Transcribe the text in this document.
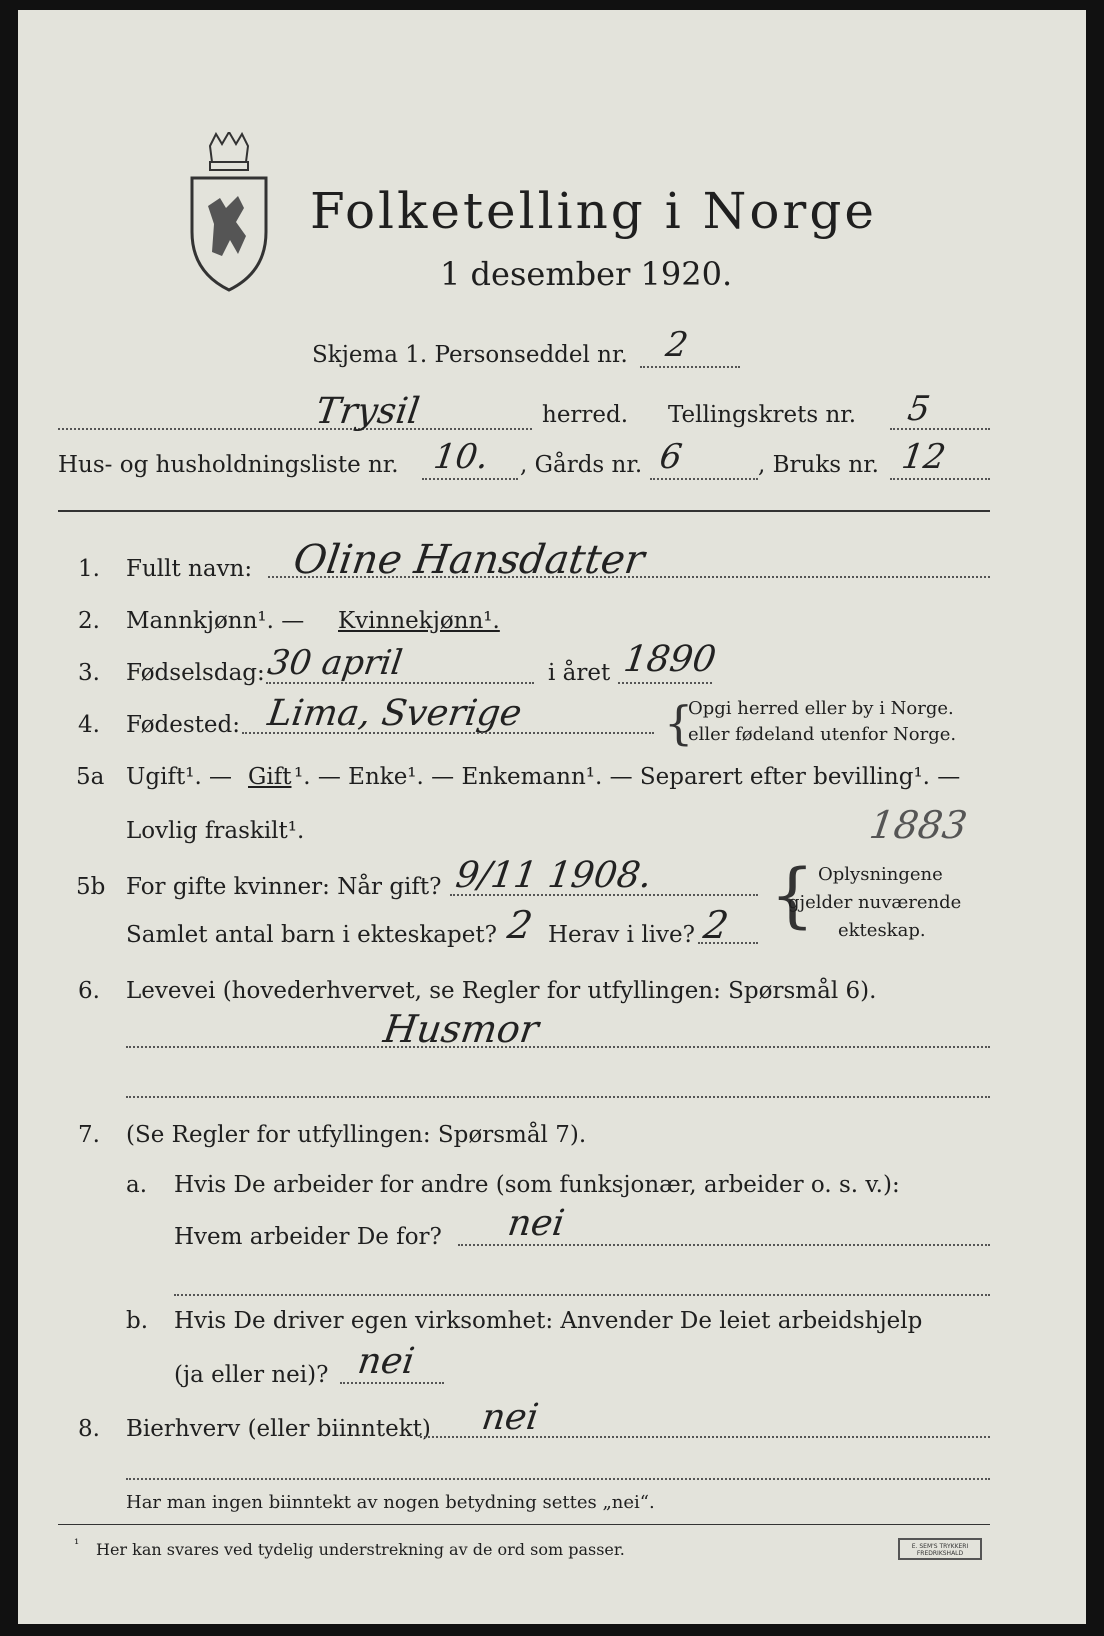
Folketelling i Norge
1 desember 1920.
Skjema 1. Personseddel nr. 2
Trysil	herred. Tellingskrets nr. 5
Hus- og husholdningsliste nr. 10. , Gårds nr. 6	, Bruks nr. 12
1. Fullt navn: Oline Hansdatter
2. Mannkjønn¹. — Kvinnekjønn¹.
3. Fødselsdag: 30 april	i året 1890
4. Fødested: Lima, Sverige	{
Opgi herred eller by i Norge.
eller fødeland utenfor Norge.
5a Ugift¹. — Gift ¹. — Enke¹. — Enkemann¹. — Separert efter bevilling¹. —
Lovlig fraskilt¹.	1883
5b For gifte kvinner: Når gift? 9/11 1908.
Samlet antal barn i ekteskapet? 2 Herav i live? 2 { Oplysningene
gjelder nuværende
ekteskap.
6. Levevei (hovederhvervet, se Regler for utfyllingen: Spørsmål 6).
Husmor
7. (Se Regler for utfyllingen: Spørsmål 7).
a. Hvis De arbeider for andre (som funksjonær, arbeider o. s. v.):
Hvem arbeider De for? nei
b. Hvis De driver egen virksomhet: Anvender De leiet arbeidshjelp
(ja eller nei)? nei
8. Bierhverv (eller biinntekt) nei
Har man ingen biinntekt av nogen betydning settes „nei“.
¹ Her kan svares ved tydelig understrekning av de ord som passer.	E. SEM'S TRYKKERI FREDRIKSHALD
